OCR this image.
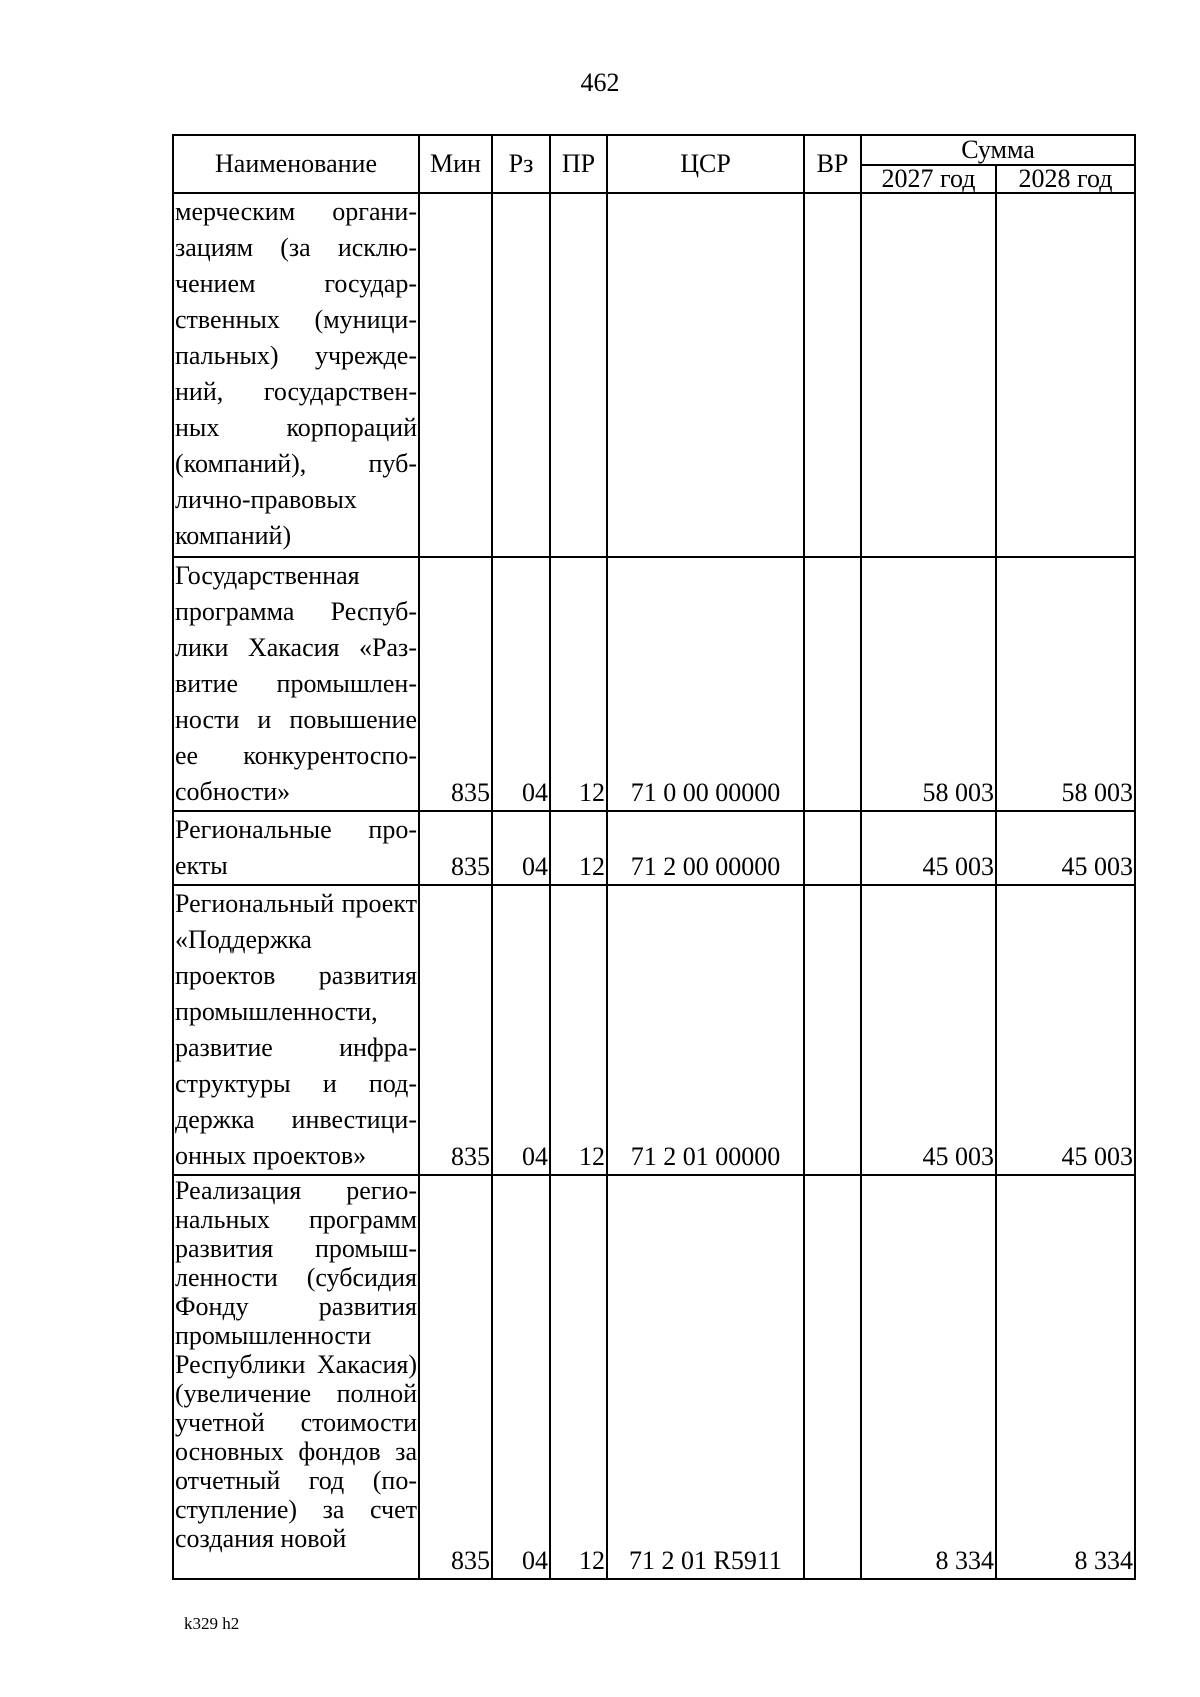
462
Наименование	Мин	Рз	ПР	ЦСР	ВР	Сумма	
						2027 год	2028 год
мерческим организациям (за исключением государственных (муниципальных) учреждений, государственных корпораций (компаний), публично-правовых компаний)							
Государственная программа Республики Хакасия «Развитие промышленности и повышение ее конкурентоспособности»	835	04	12	71 0 00 00000		58 003	58 003
Региональные проекты	835	04	12	71 2 00 00000		45 003	45 003
Региональный проект «Поддержка проектов развития промышленности, развитие инфраструктуры и поддержка инвестиционных проектов»	835	04	12	71 2 01 00000		45 003	45 003
Реализация региональных программ развития промышленности (субсидия Фонду развития промышленности Республики Хакасия) (увеличение полной учетной стоимости основных фондов за отчетный год (поступление) за счет создания новой	835	04	12	71 2 01 R5911		8 334	8 334
k329 h2
